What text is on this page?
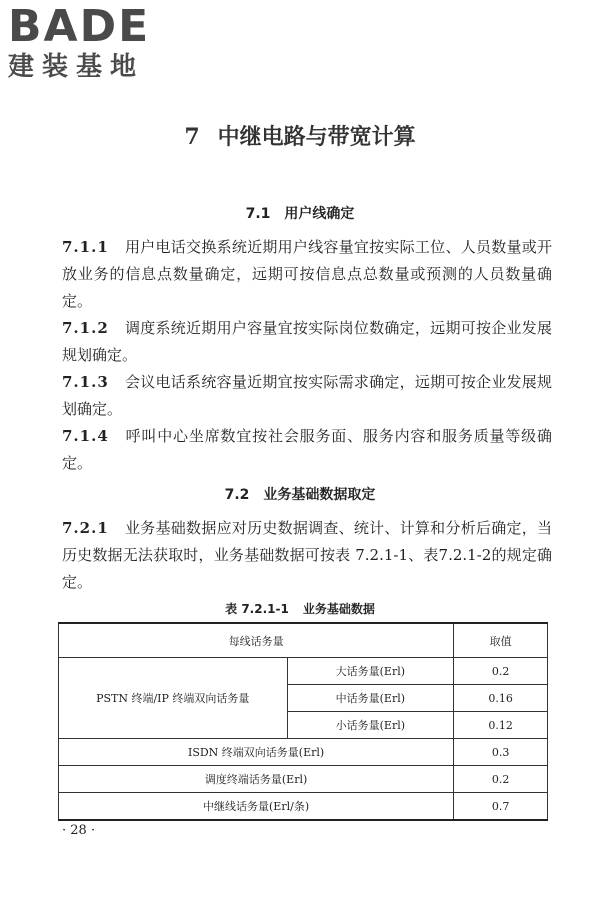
BADE
建装基地
7 中继电路与带宽计算
7.1 用户线确定
7.1.1 用户电话交换系统近期用户线容量宜按实际工位、人员数量或开放业务的信息点数量确定，远期可按信息点总数量或预测的人员数量确定。
7.1.2 调度系统近期用户容量宜按实际岗位数确定，远期可按企业发展规划确定。
7.1.3 会议电话系统容量近期宜按实际需求确定，远期可按企业发展规划确定。
7.1.4 呼叫中心坐席数宜按社会服务面、服务内容和服务质量等级确定。
7.2 业务基础数据取定
7.2.1 业务基础数据应对历史数据调查、统计、计算和分析后确定，当历史数据无法获取时，业务基础数据可按表 7.2.1-1、表7.2.1-2的规定确定。
表 7.2.1-1 业务基础数据
每线话务量		取值
PSTN 终端/IP 终端双向话务量	大话务量(Erl)	0.2
	中话务量(Erl)	0.16
	小话务量(Erl)	0.12
ISDN 终端双向话务量(Erl)		0.3
调度终端话务量(Erl)		0.2
中继线话务量(Erl/条)		0.7
· 28 ·
